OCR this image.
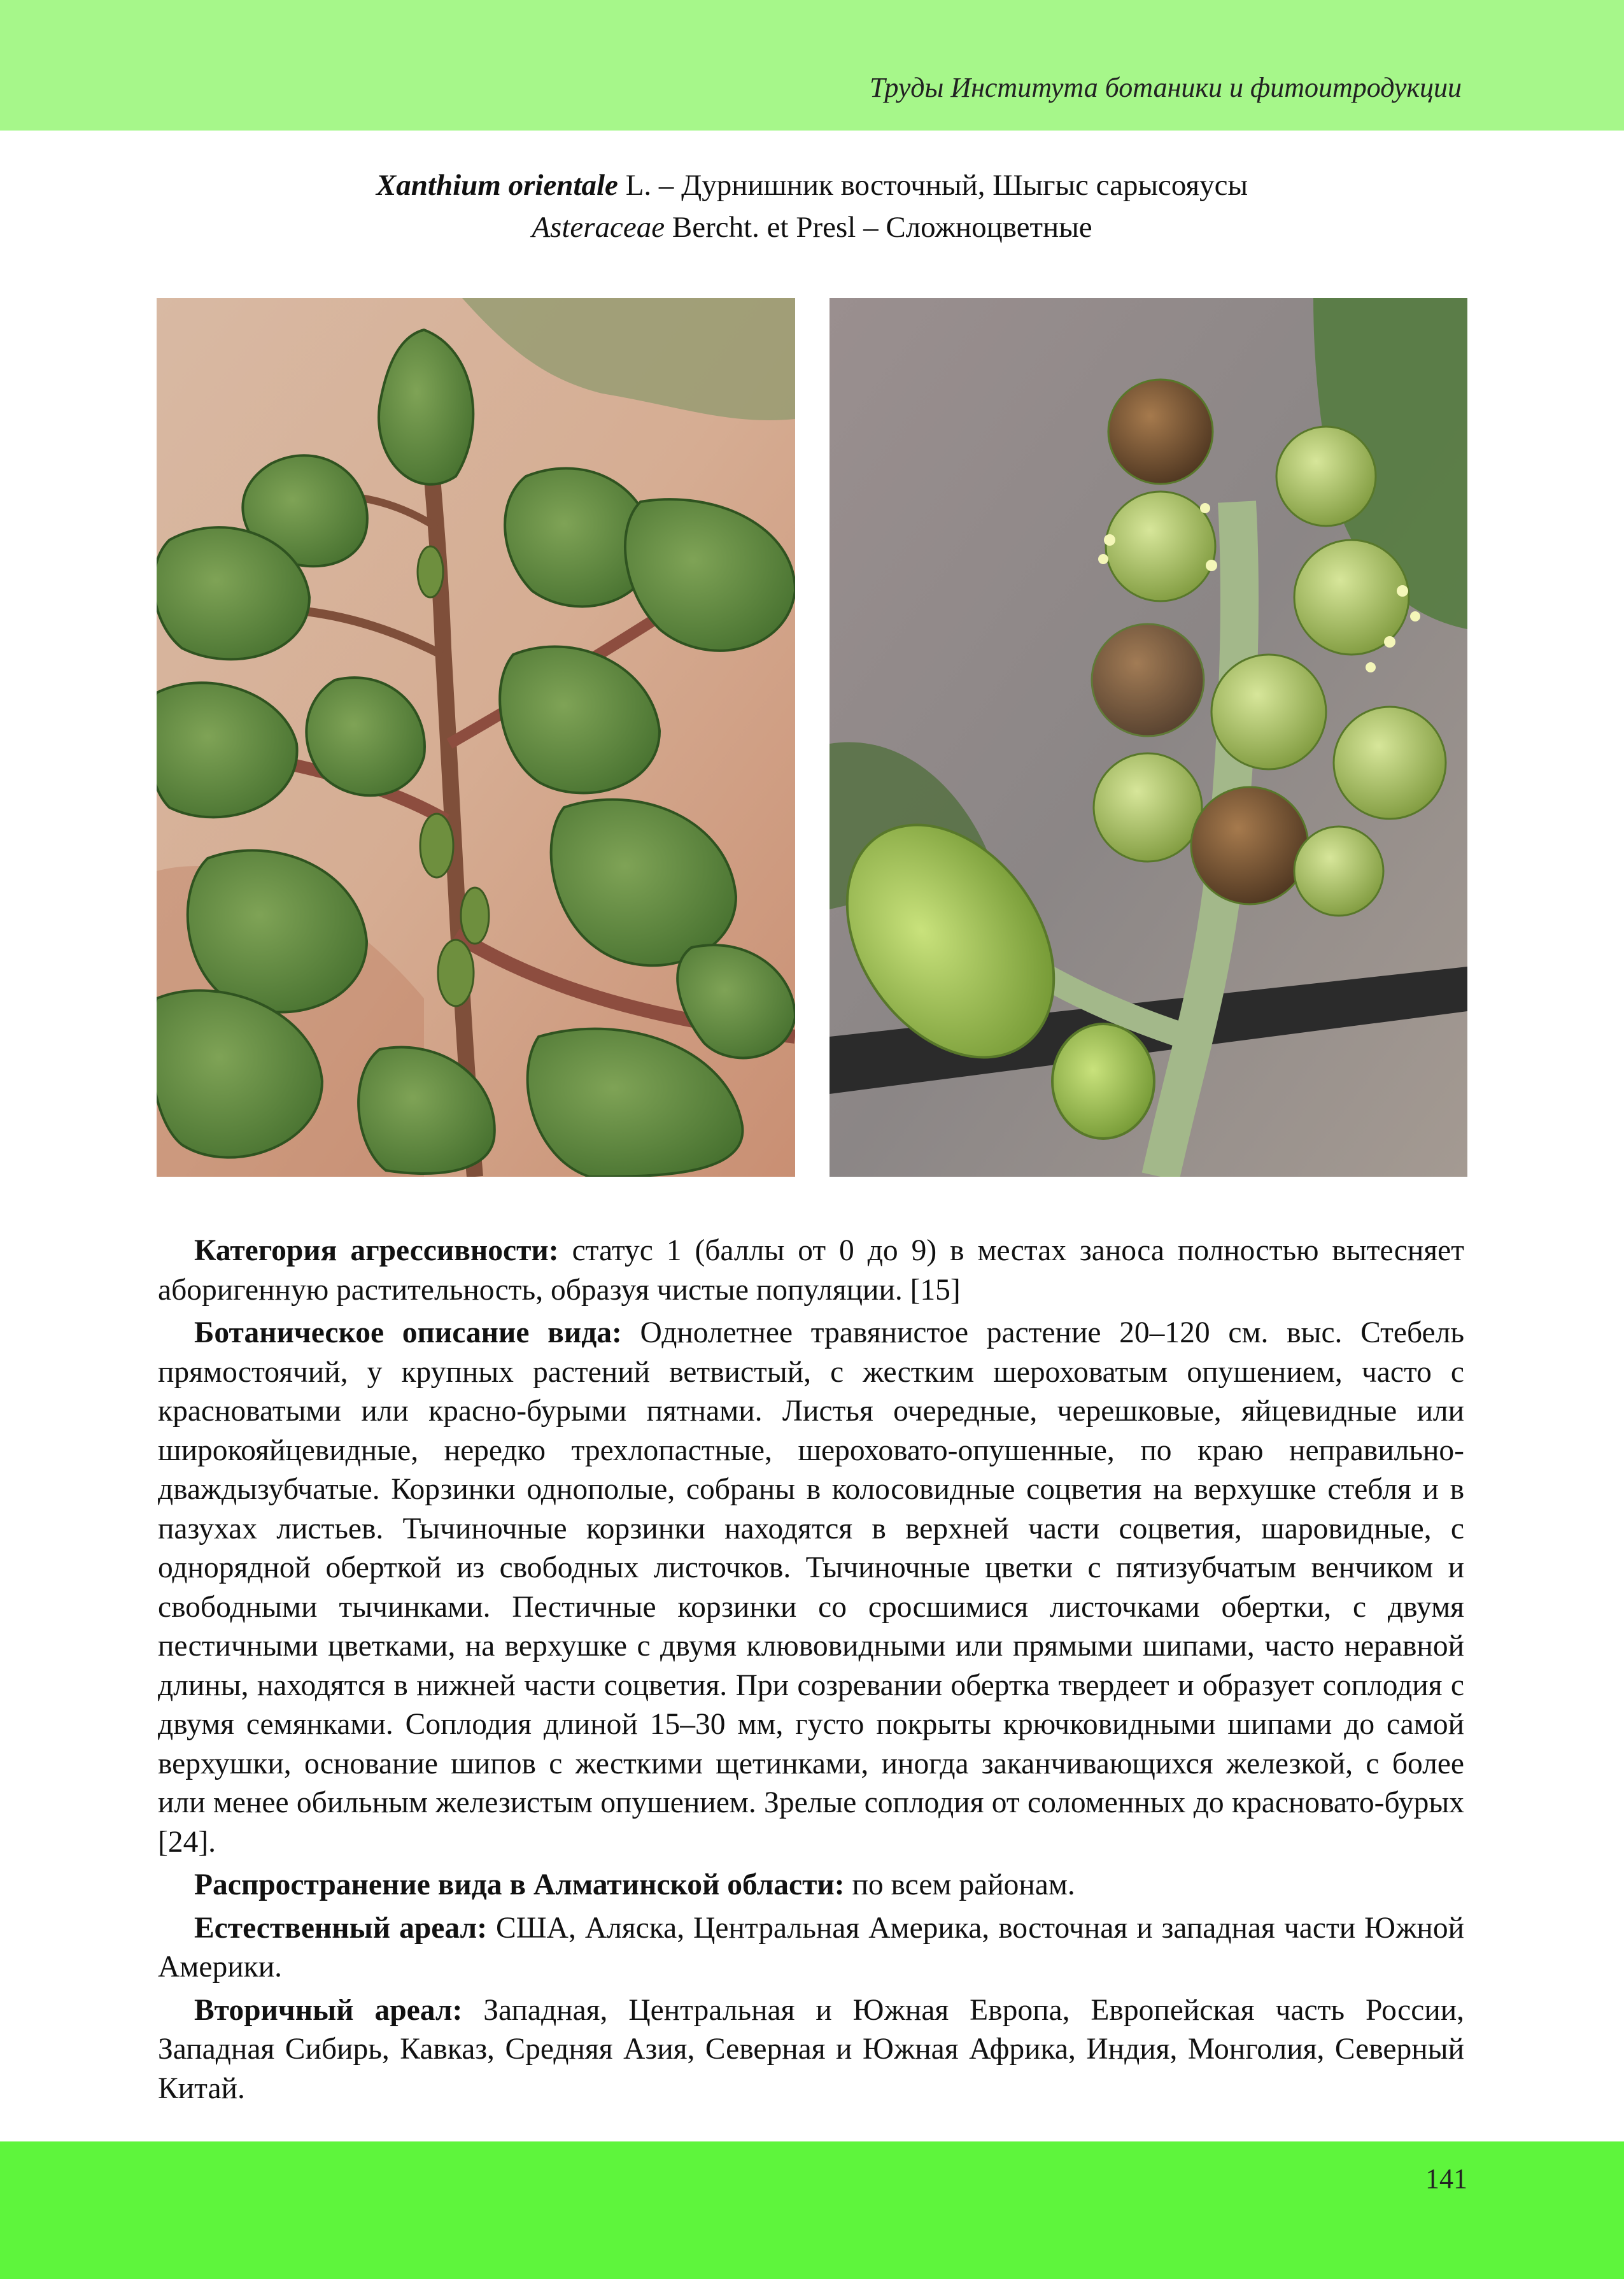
Труды Института ботаники и фитоитродукции
Xanthium orientale L. – Дурнишник восточный, Шыгыс сарысояусы
Asteraceae Bercht. et Presl – Сложноцветные

Категория агрессивности: статус 1 (баллы от 0 до 9) в местах заноса полностью вытесняет аборигенную растительность, образуя чистые популяции. [15]

Ботаническое описание вида: Однолетнее травянистое растение 20–120 см. выс. Стебель прямостоячий, у крупных растений ветвистый, с жестким шероховатым опушением, часто с красноватыми или красно-бурыми пятнами. Листья очередные, черешковые, яйцевидные или широкояйцевидные, нередко трехлопастные, шероховато-опушенные, по краю неправильно-дваждызубчатые. Корзинки однополые, собраны в колосовидные соцветия на верхушке стебля и в пазухах листьев. Тычиночные корзинки находятся в верхней части соцветия, шаровидные, с однорядной оберткой из свободных листочков. Тычиночные цветки с пятизубчатым венчиком и свободными тычинками. Пестичные корзинки со сросшимися листочками обертки, с двумя пестичными цветками, на верхушке с двумя клювовидными или прямыми шипами, часто неравной длины, находятся в нижней части соцветия. При созревании обертка твердеет и образует соплодия с двумя семянками. Соплодия длиной 15–30 мм, густо покрыты крючковидными шипами до самой верхушки, основание шипов с жесткими щетинками, иногда заканчивающихся железкой, с более или менее обильным железистым опушением. Зрелые соплодия от соломенных до красновато-бурых [24].

Распространение вида в Алматинской области: по всем районам.

Естественный ареал: США, Аляска, Центральная Америка, восточная и западная части Южной Америки.

Вторичный ареал: Западная, Центральная и Южная Европа, Европейская часть России, Западная Сибирь, Кавказ, Средняя Азия, Северная и Южная Африка, Индия, Монголия, Северный Китай.

141
